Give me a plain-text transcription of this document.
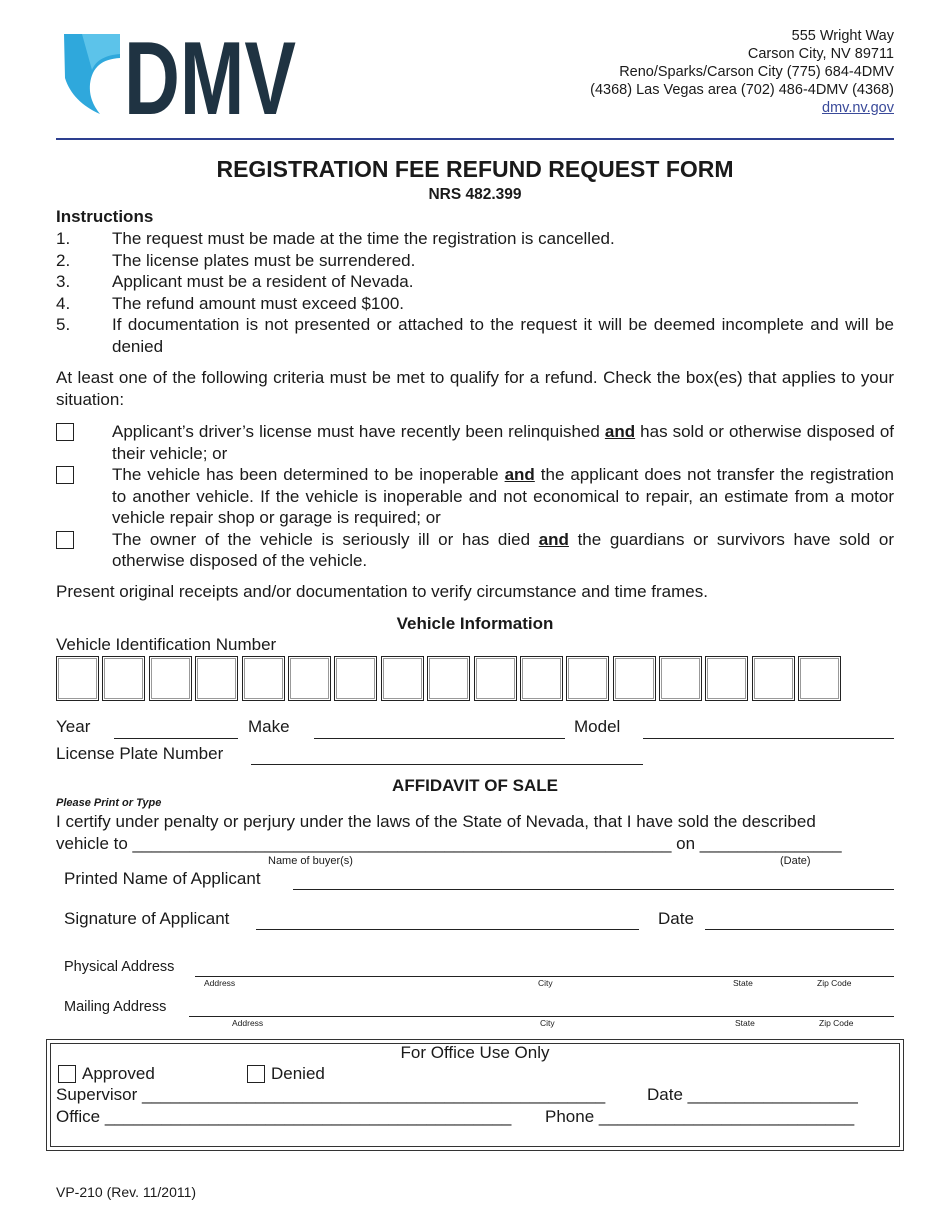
DMV	555 Wright Way
Carson City, NV 89711
Reno/Sparks/Carson City (775) 684-4DMV
(4368) Las Vegas area (702) 486-4DMV (4368)
dmv.nv.gov
REGISTRATION FEE REFUND REQUEST FORM
NRS 482.399
Instructions
1.	The request must be made at the time the registration is cancelled.
2.	The license plates must be surrendered.
3.	Applicant must be a resident of Nevada.
4.	The refund amount must exceed $100.
5.	If documentation is not presented or attached to the request it will be deemed incomplete and will be denied
At least one of the following criteria must be met to qualify for a refund. Check the box(es) that applies to your situation:
Applicant’s driver’s license must have recently been relinquished and has sold or otherwise disposed of their vehicle; or
The vehicle has been determined to be inoperable and the applicant does not transfer the registration to another vehicle. If the vehicle is inoperable and not economical to repair, an estimate from a motor vehicle repair shop or garage is required; or
The owner of the vehicle is seriously ill or has died and the guardians or survivors have sold or otherwise disposed of the vehicle.
Present original receipts and/or documentation to verify circumstance and time frames.
Vehicle Information
Vehicle Identification Number
Year	Make	Model
License Plate Number
AFFIDAVIT OF SALE
Please Print or Type
I certify under penalty or perjury under the laws of the State of Nevada, that I have sold the described
vehicle to _________________________________________________________ on _______________
Name of buyer(s)	(Date)
Printed Name of Applicant
Signature of Applicant	Date
Physical Address
Address	City	State	Zip Code
Mailing Address
Address	City	State	Zip Code
For Office Use Only
Approved	Denied
Supervisor _________________________________________________ Date __________________
Office ___________________________________________ Phone ___________________________
VP-210 (Rev. 11/2011)
